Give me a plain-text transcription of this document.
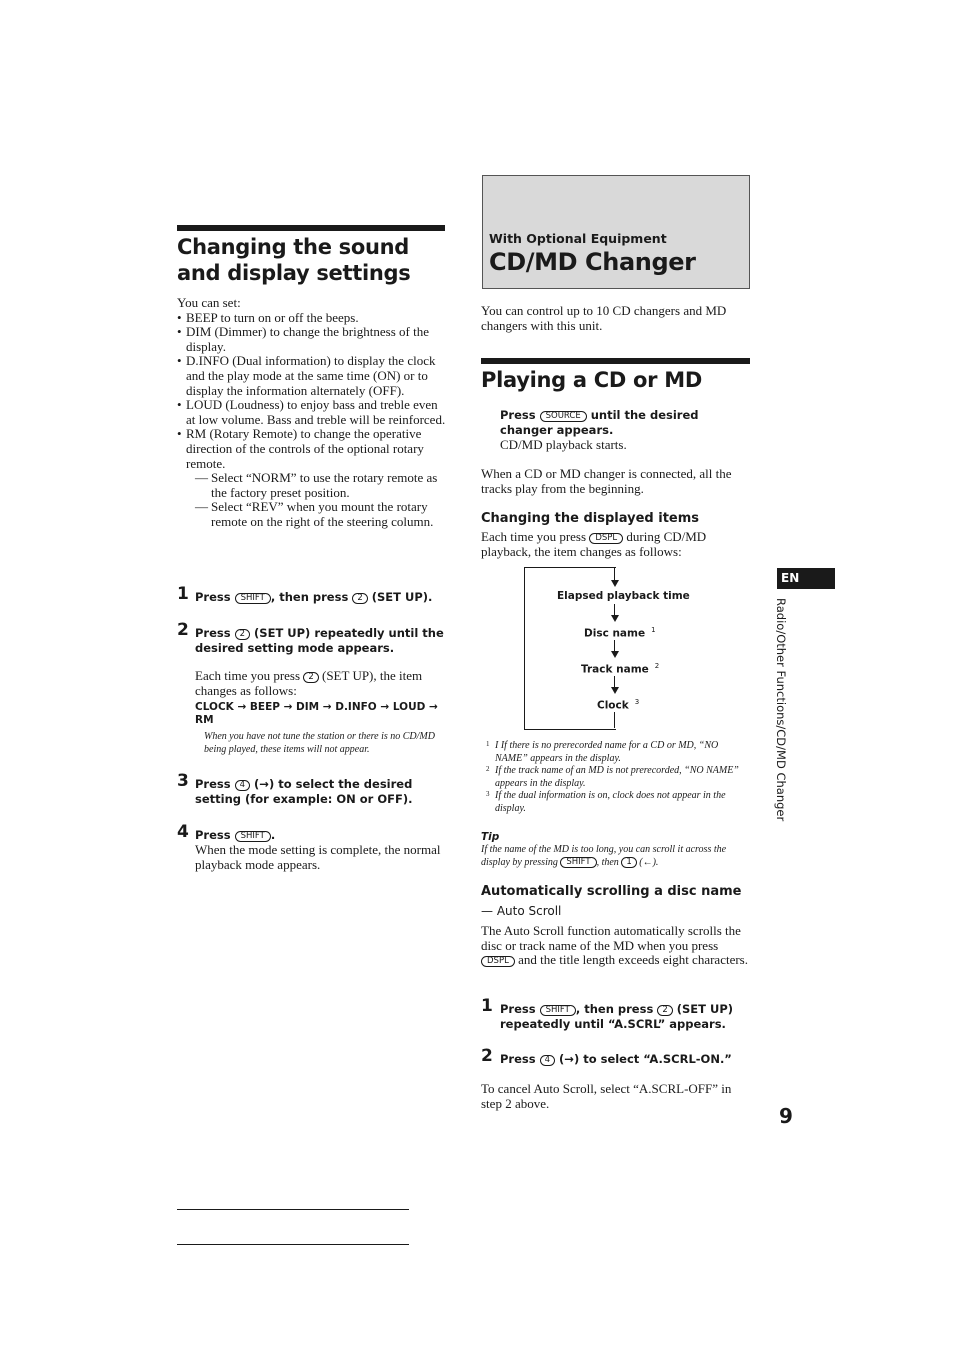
Changing the sound and display settings
You can set:
• BEEP to turn on or off the beeps.
• DIM (Dimmer) to change the brightness of the display.
• D.INFO (Dual information) to display the clock and the play mode at the same time (ON) or to display the information alternately (OFF).
• LOUD (Loudness) to enjoy bass and treble even at low volume. Bass and treble will be reinforced.
• RM (Rotary Remote) to change the operative direction of the controls of the optional rotary remote.
— Select “NORM” to use the rotary remote as the factory preset position.
— Select “REV” when you mount the rotary remote on the right of the steering column.
1 Press SHIFT , then press 2 (SET UP).
2 Press 2 (SET UP) repeatedly until the desired setting mode appears.
Each time you press 2 (SET UP), the item changes as follows:
CLOCK → BEEP → DIM → D.INFO → LOUD → RM
When you have not tune the station or there is no CD/MD being played, these items will not appear.
3 Press 4 (→) to select the desired setting (for example: ON or OFF).
4 Press SHIFT .
When the mode setting is complete, the normal playback mode appears.
With Optional Equipment
CD/MD Changer
You can control up to 10 CD changers and MD changers with this unit.
Playing a CD or MD
Press SOURCE until the desired changer appears.
CD/MD playback starts.
When a CD or MD changer is connected, all the tracks play from the beginning.
Changing the displayed items
Each time you press DSPL during CD/MD playback, the item changes as follows:
Elapsed playback time
Disc name $^1$
Track name $^2$
Clock $^3$
1 I If there is no prerecorded name for a CD or MD, “NO NAME” appears in the display.
2 If the track name of an MD is not prerecorded, “NO NAME” appears in the display.
3 If the dual information is on, clock does not appear in the display.
Tip
If the name of the MD is too long, you can scroll it across the display by pressing SHIFT , then 1 (←).
Automatically scrolling a disc name
— Auto Scroll
The Auto Scroll function automatically scrolls the disc or track name of the MD when you press DSPL and the title length exceeds eight characters.
1 Press SHIFT , then press 2 (SET UP) repeatedly until “A.SCRL” appears.
2 Press 4 (→) to select “A.SCRL-ON.”
To cancel Auto Scroll, select “A.SCRL-OFF” in step 2 above.
EN
Radio/Other Functions/CD/MD Changer
9
